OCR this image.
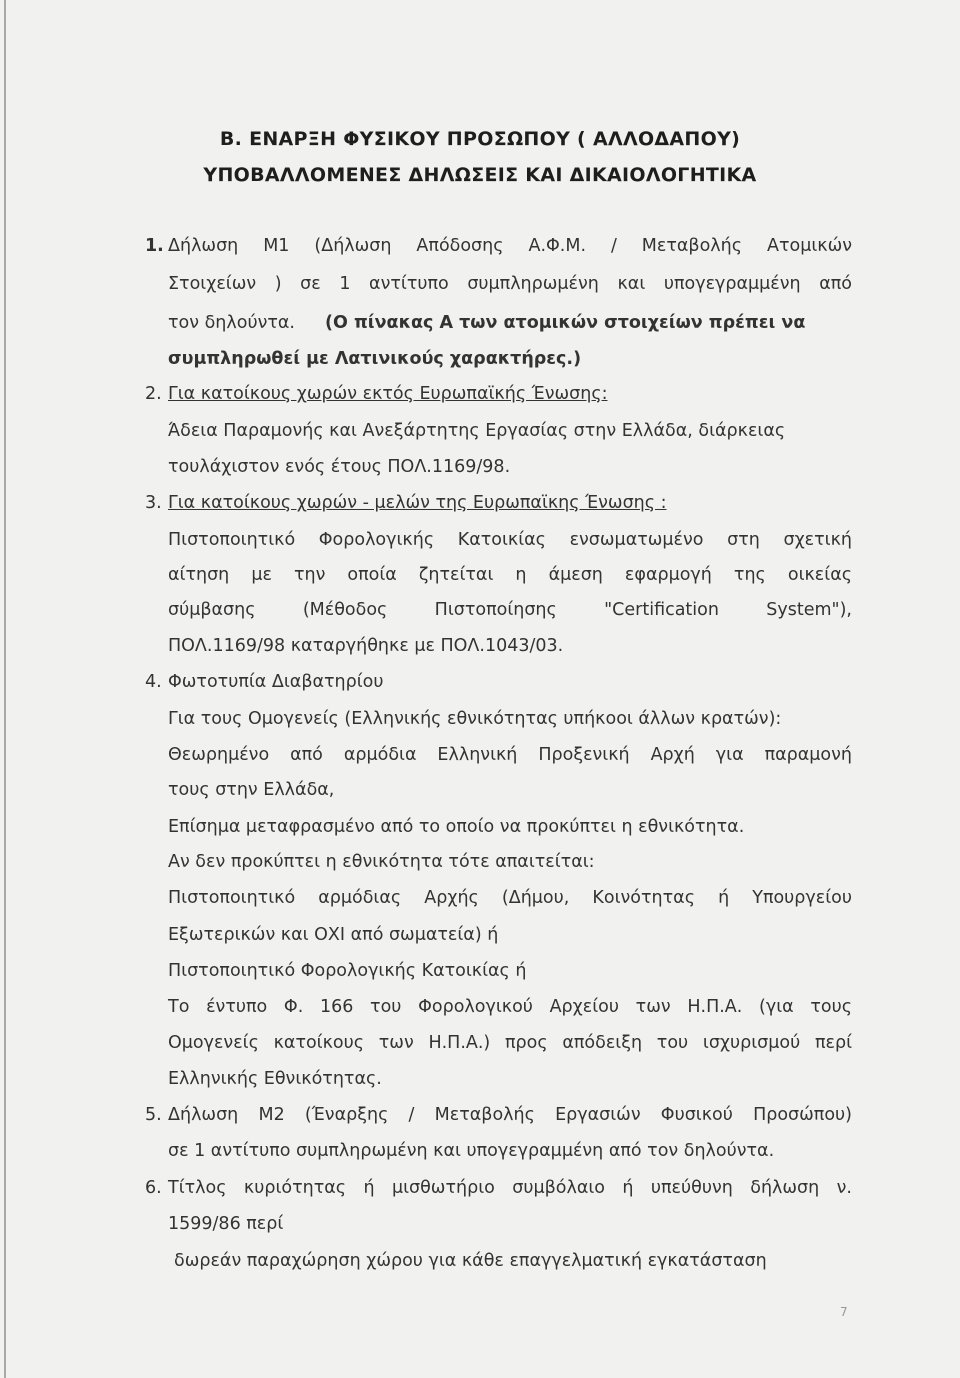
Β. ΕΝΑΡΞΗ ΦΥΣΙΚΟΥ ΠΡΟΣΩΠΟΥ ( ΑΛΛΟΔΑΠΟΥ)
ΥΠΟΒΑΛΛΟΜΕΝΕΣ ΔΗΛΩΣΕΙΣ ΚΑΙ ΔΙΚΑΙΟΛΟΓΗΤΙΚΑ
1. Δήλωση Μ1 (Δήλωση Απόδοσης Α.Φ.Μ. / Μεταβολής Ατομικών
Στοιχείων ) σε 1 αντίτυπο συμπληρωμένη και υπογεγραμμένη από
τον δηλούντα. (Ο πίνακας Α των ατομικών στοιχείων πρέπει να
συμπληρωθεί με Λατινικούς χαρακτήρες.)
2. Για κατοίκους χωρών εκτός Ευρωπαϊκής Ένωσης:
Άδεια Παραμονής και Ανεξάρτητης Εργασίας στην Ελλάδα, διάρκειας
τουλάχιστον ενός έτους ΠΟΛ.1169/98.
3. Για κατοίκους χωρών - μελών της Ευρωπαϊκης Ένωσης :
Πιστοποιητικό Φορολογικής Κατοικίας ενσωματωμένο στη σχετική
αίτηση με την οποία ζητείται η άμεση εφαρμογή της οικείας
σύμβασης (Μέθοδος Πιστοποίησης "Certification System"),
ΠΟΛ.1169/98 καταργήθηκε με ΠΟΛ.1043/03.
4. Φωτοτυπία Διαβατηρίου
Για τους Ομογενείς (Ελληνικής εθνικότητας υπήκοοι άλλων κρατών):
Θεωρημένο από αρμόδια Ελληνική Προξενική Αρχή για παραμονή
τους στην Ελλάδα,
Επίσημα μεταφρασμένο από το οποίο να προκύπτει η εθνικότητα.
Αν δεν προκύπτει η εθνικότητα τότε απαιτείται:
Πιστοποιητικό αρμόδιας Αρχής (Δήμου, Κοινότητας ή Υπουργείου
Εξωτερικών και ΟΧΙ από σωματεία) ή
Πιστοποιητικό Φορολογικής Κατοικίας ή
Το έντυπο Φ. 166 του Φορολογικού Αρχείου των Η.Π.Α. (για τους
Ομογενείς κατοίκους των Η.Π.Α.) προς απόδειξη του ισχυρισμού περί
Ελληνικής Εθνικότητας.
5. Δήλωση Μ2 (Έναρξης / Μεταβολής Εργασιών Φυσικού Προσώπου)
σε 1 αντίτυπο συμπληρωμένη και υπογεγραμμένη από τον δηλούντα.
6. Τίτλος κυριότητας ή μισθωτήριο συμβόλαιο ή υπεύθυνη δήλωση ν.
1599/86 περί
δωρεάν παραχώρηση χώρου για κάθε επαγγελματική εγκατάσταση
7
